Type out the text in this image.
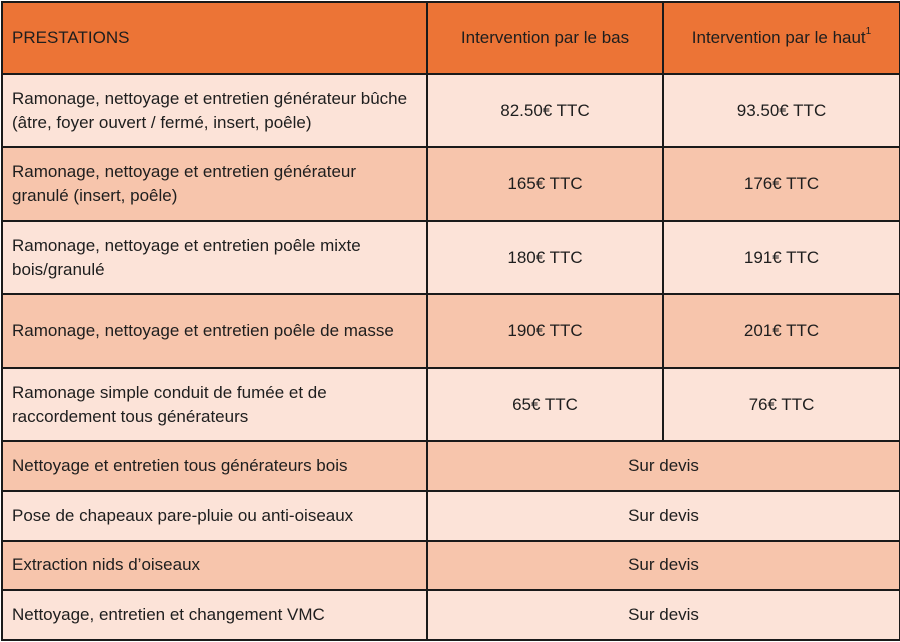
PRESTATIONS	Intervention par le bas	Intervention par le haut$^1$
Ramonage, nettoyage et entretien générateur bûche (âtre, foyer ouvert / fermé, insert, poêle)	82.50€ TTC	93.50€ TTC
Ramonage, nettoyage et entretien générateur granulé (insert, poêle)	165€ TTC	176€ TTC
Ramonage, nettoyage et entretien poêle mixte bois/granulé	180€ TTC	191€ TTC
Ramonage, nettoyage et entretien poêle de masse	190€ TTC	201€ TTC
Ramonage simple conduit de fumée et de raccordement tous générateurs	65€ TTC	76€ TTC
Nettoyage et entretien tous générateurs bois	Sur devis	
Pose de chapeaux pare-pluie ou anti-oiseaux	Sur devis	
Extraction nids d’oiseaux	Sur devis	
Nettoyage, entretien et changement VMC	Sur devis	
